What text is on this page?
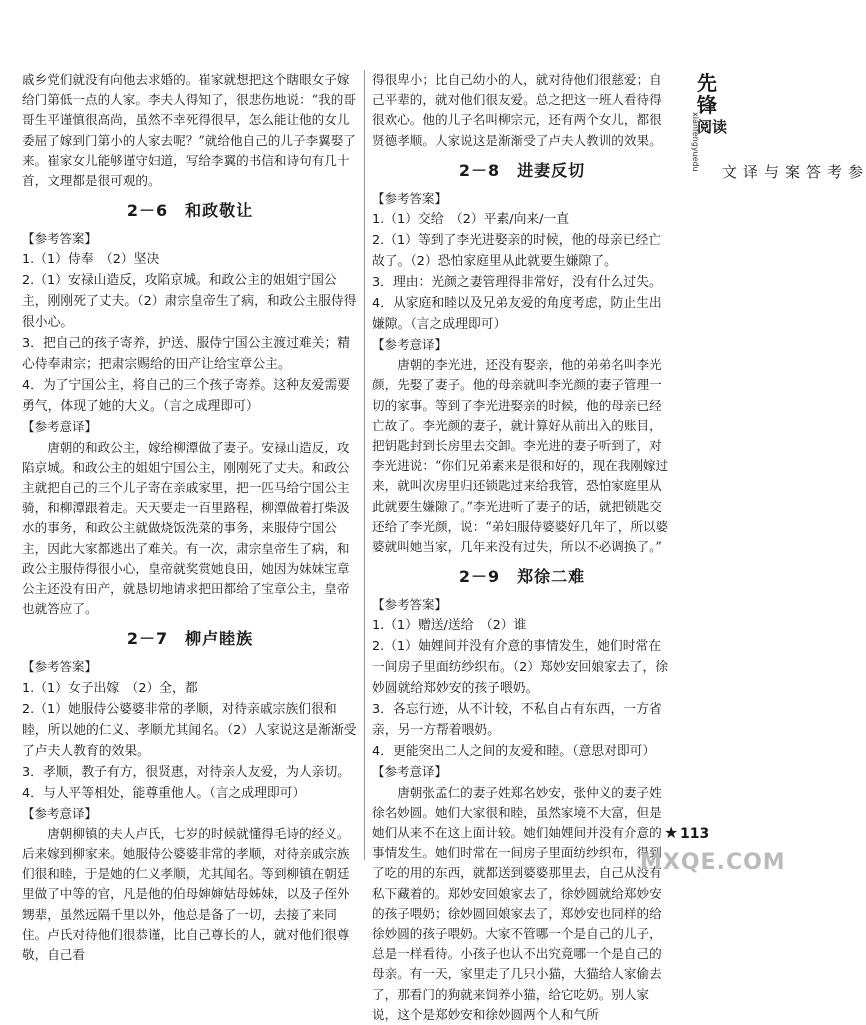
戚乡党们就没有向他去求婚的。崔家就想把这个瞎眼女子嫁给门第低一点的人家。李夫人得知了，很悲伤地说：“我的哥哥生平谨慎很高尚，虽然不幸死得很早，怎么能让他的女儿委屈了嫁到门第小的人家去呢？”就给他自己的儿子李翼娶了来。崔家女儿能够谨守妇道，写给李翼的书信和诗句有几十首，文理都是很可观的。

2－6　和政敬让
【参考答案】
1.（1）侍奉　（2）坚决
2.（1）安禄山造反，攻陷京城。和政公主的姐姐宁国公主，刚刚死了丈夫。（2）肃宗皇帝生了病，和政公主服侍得很小心。
3．把自己的孩子寄养，护送、服侍宁国公主渡过难关；精心侍奉肃宗；把肃宗赐给的田产让给宝章公主。
4．为了宁国公主，将自己的三个孩子寄养。这种友爱需要勇气，体现了她的大义。（言之成理即可）
【参考意译】

唐朝的和政公主，嫁给柳潭做了妻子。安禄山造反，攻陷京城。和政公主的姐姐宁国公主，刚刚死了丈夫。和政公主就把自己的三个儿子寄在亲戚家里，把一匹马给宁国公主骑，和柳潭跟着走。天天要走一百里路程，柳潭做着打柴汲水的事务，和政公主就做烧饭洗菜的事务，来服侍宁国公主，因此大家都逃出了难关。有一次，肃宗皇帝生了病，和政公主服侍得很小心，皇帝就奖赏她良田，她因为妹妹宝章公主还没有田产，就恳切地请求把田都给了宝章公主，皇帝也就答应了。

2－7　柳卢睦族
【参考答案】
1.（1）女子出嫁　（2）全，都
2.（1）她服侍公婆婆非常的孝顺，对待亲戚宗族们很和睦，所以她的仁义、孝顺尤其闻名。（2）人家说这是渐渐受了卢夫人教育的效果。
3．孝顺，教子有方，很贤惠，对待亲人友爱，为人亲切。
4．与人平等相处，能尊重他人。（言之成理即可）
【参考意译】

唐朝柳镇的夫人卢氏，七岁的时候就懂得毛诗的经义。后来嫁到柳家来。她服侍公婆婆非常的孝顺，对待亲戚宗族们很和睦，于是她的仁义孝顺，尤其闻名。等到柳镇在朝廷里做了中等的官，凡是他的伯母婶婶姑母姊妹，以及子侄外甥辈，虽然远隔千里以外，他总是备了一切，去接了来同住。卢氏对待他们很恭谨，比自己尊长的人，就对他们很尊敬，自己看

得很卑小；比自己幼小的人，就对待他们很慈爱；自己平辈的，就对他们很友爱。总之把这一班人看待得很欢心。他的儿子名叫柳宗元，还有两个女儿，都很贤德孝顺。人家说这是渐渐受了卢夫人教训的效果。

2－8　进妻反切
【参考答案】
1.（1）交给　（2）平素/向来/一直
2.（1）等到了李光进娶亲的时候，他的母亲已经亡故了。（2）恐怕家庭里从此就要生嫌隙了。
3．理由：光颜之妻管理得非常好，没有什么过失。
4．从家庭和睦以及兄弟友爱的角度考虑，防止生出嫌隙。（言之成理即可）
【参考意译】

唐朝的李光进，还没有娶亲，他的弟弟名叫李光颜，先娶了妻子。他的母亲就叫李光颜的妻子管理一切的家事。等到了李光进娶亲的时候，他的母亲已经亡故了。李光颜的妻子，就计算好从前出入的账目，把钥匙封到长房里去交卸。李光进的妻子听到了，对李光进说：“你们兄弟素来是很和好的，现在我刚嫁过来，就叫次房里归还锁匙过来给我管，恐怕家庭里从此就要生嫌隙了。”李光进听了妻子的话，就把锁匙交还给了李光颜，说：“弟妇服侍婆婆好几年了，所以婆婆就叫她当家，几年来没有过失，所以不必调换了。”

2－9　郑徐二难
【参考答案】
1.（1）赠送/送给　（2）谁
2.（1）妯娌间并没有介意的事情发生，她们时常在一间房子里面纺纱织布。（2）郑妙安回娘家去了，徐妙圆就给郑妙安的孩子喂奶。
3．各忘行迹，从不计较，不私自占有东西，一方省亲，另一方帮着喂奶。
4．更能突出二人之间的友爱和睦。（意思对即可）
【参考意译】

唐朝张孟仁的妻子姓郑名妙安，张仲义的妻子姓徐名妙圆。她们大家很和睦，虽然家境不大富，但是她们从来不在这上面计较。她们妯娌间并没有介意的事情发生。她们时常在一间房子里面纺纱织布，得到了吃的用的东西，就都送到婆婆那里去，自己从没有私下藏着的。郑妙安回娘家去了，徐妙圆就给郑妙安的孩子喂奶；徐妙圆回娘家去了，郑妙安也同样的给徐妙圆的孩子喂奶。大家不管哪一个是自己的儿子，总是一样看待。小孩子也认不出究竟哪一个是自己的母亲。有一天，家里走了几只小猫，大猫给人家偷去了，那看门的狗就来饲养小猫，给它吃奶。别人家说，这个是郑妙安和徐妙圆两个人和气所

先
锋
阅读
xianfengyuedu
参考答案与译文
★ 113
MXQE.COM
